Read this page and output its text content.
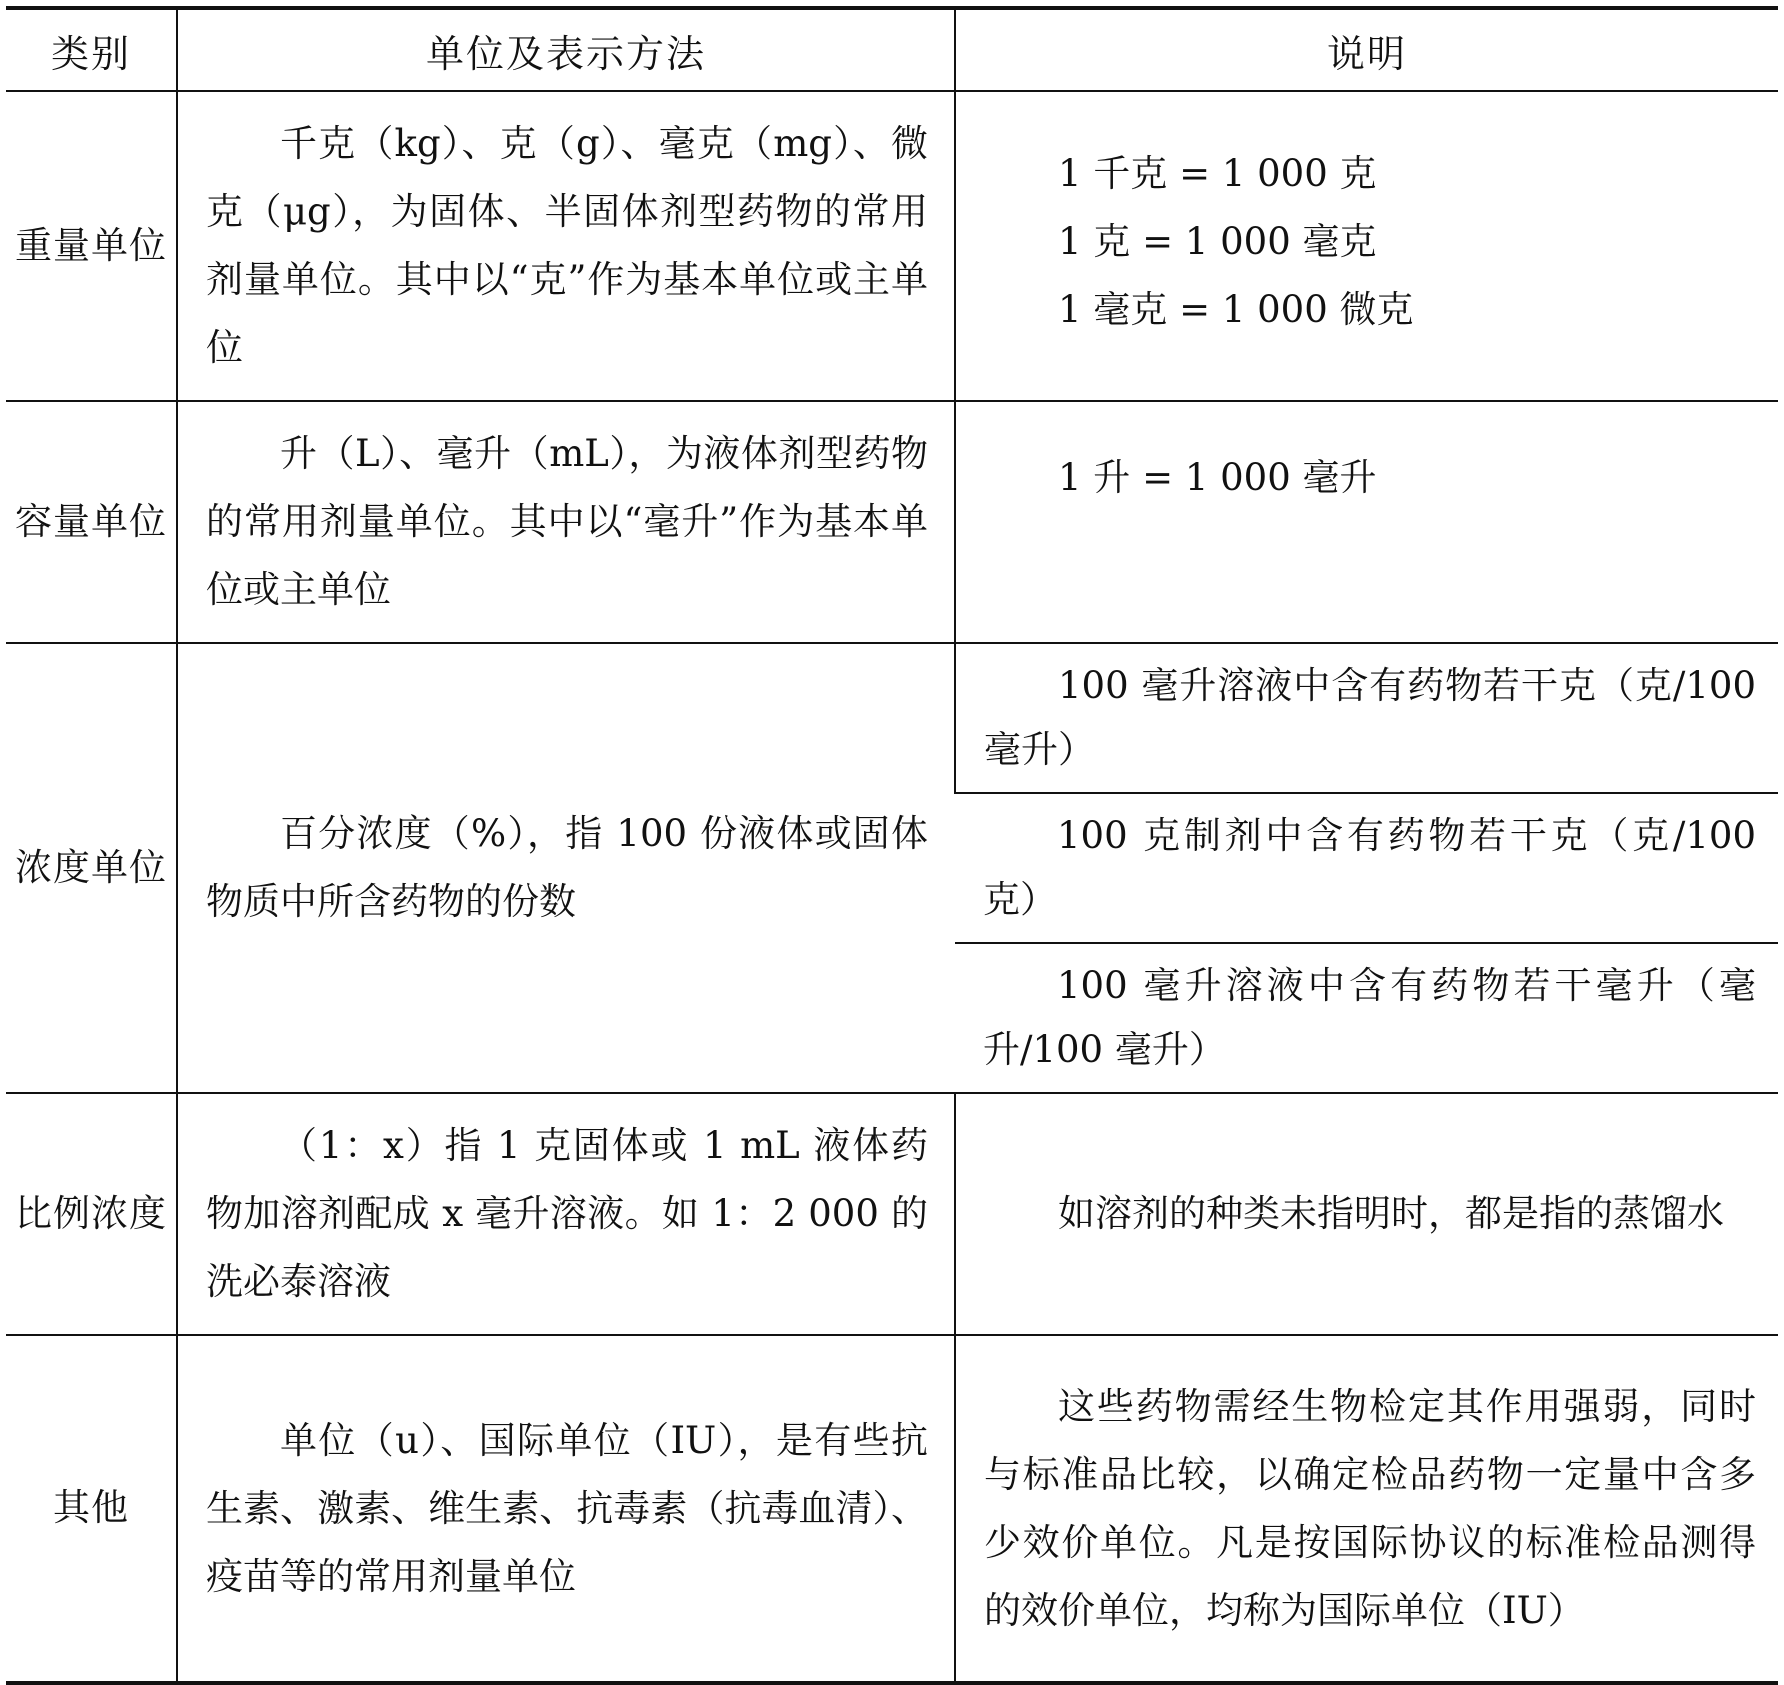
类别	单位及表示方法	说明
重量单位	千克（kg）、克（g）、毫克（mg）、微克（μg），为固体、半固体剂型药物的常用剂量单位。其中以“克”作为基本单位或主单位	1 千克 = 1 000 克
1 克 = 1 000 毫克
1 毫克 = 1 000 微克

容量单位	升（L）、毫升（mL），为液体剂型药物的常用剂量单位。其中以“毫升”作为基本单位或主单位	1 升 = 1 000 毫升

浓度单位	百分浓度（%），指 100 份液体或固体物质中所含药物的份数	100 毫升溶液中含有药物若干克（克/100 毫升）

		100 克制剂中含有药物若干克（克/100 克）

		100 毫升溶液中含有药物若干毫升（毫升/100 毫升）

比例浓度	（1：x）指 1 克固体或 1 mL 液体药物加溶剂配成 x 毫升溶液。如 1：2 000 的洗必泰溶液	如溶剂的种类未指明时，都是指的蒸馏水

其他	单位（u）、国际单位（IU），是有些抗生素、激素、维生素、抗毒素（抗毒血清）、疫苗等的常用剂量单位	这些药物需经生物检定其作用强弱，同时与标准品比较，以确定检品药物一定量中含多少效价单位。凡是按国际协议的标准检品测得的效价单位，均称为国际单位（IU）
